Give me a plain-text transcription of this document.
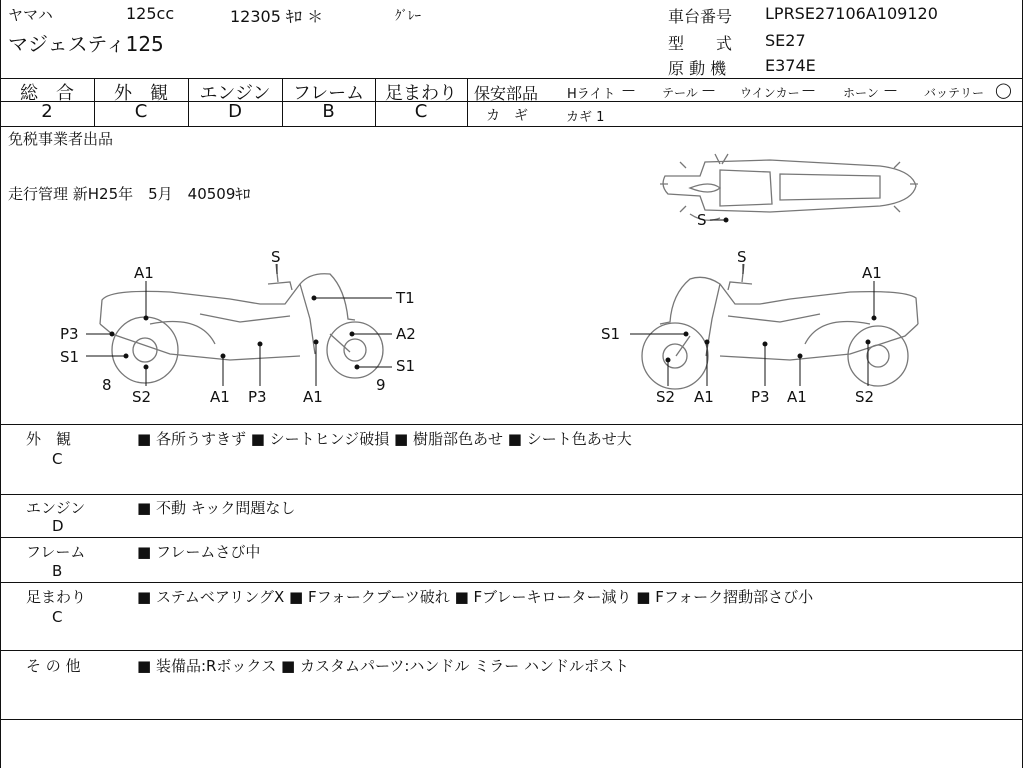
ヤマハ	125cc	12305 ｷﾛ ＊	ｸﾞﾚｰ
マジェスティ125
車台番号 LPRSE27106A109120
型　　式 SE27
原 動 機 E374E
総　合
2
外　観
C
エンジン
D
フレーム
B
足まわり
C
保安部品 Hライト — テール — ウインカー — ホーン — バッテリー ◯
カ　ギ	カギ 1
免税事業者出品
走行管理 新H25年　5月　40509ｷﾛ
A1
S
T1
P3	A2
S1	S1
8	9
S2	A1 P3 A1
S
A1
S1
S2 A1 P3 A1	S2
S
外　観
C
■ 各所うすきず ■ シートヒンジ破損 ■ 樹脂部色あせ ■ シート色あせ大
エンジン
D
■ 不動 キック問題なし
フレーム
B
■ フレームさび中
足まわり
C
■ ステムベアリングX ■ Fフォークブーツ破れ ■ Fブレーキローター減り ■ Fフォーク摺動部さび小
そ の 他	■ 装備品:Rボックス ■ カスタムパーツ:ハンドル ミラー ハンドルポスト
